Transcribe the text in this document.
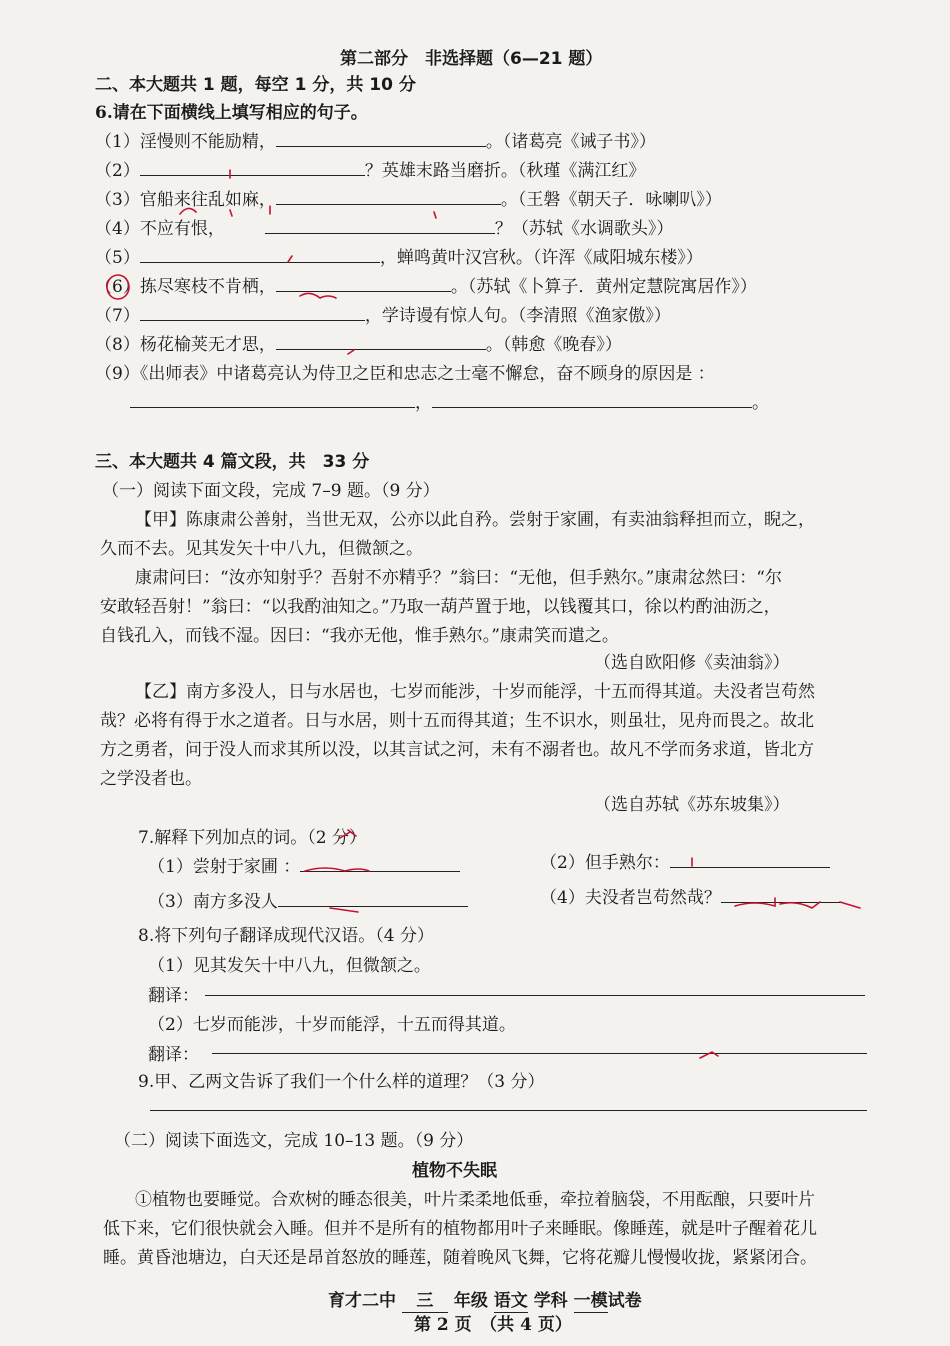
第二部分　非选择题（6—21 题）
二、本大题共 1 题，每空 1 分，共 10 分
6.请在下面横线上填写相应的句子。
（1）淫慢则不能励精，	。（诸葛亮《诫子书》）
（2）	？英雄末路当磨折。（秋瑾《满江红》
（3）官船来往乱如麻，	。（王磐《朝天子．咏喇叭》）
（4）不应有恨，	？（苏轼《水调歌头》）
（5）	，蝉鸣黄叶汉宫秋。（许浑《咸阳城东楼》）
（6）拣尽寒枝不肯栖，	。（苏轼《卜算子．黄州定慧院寓居作》）
（7）	，学诗谩有惊人句。（李清照《渔家傲》）
（8）杨花榆荚无才思，	。（韩愈《晚春》）
（9）《出师表》中诸葛亮认为侍卫之臣和忠志之士毫不懈怠，奋不顾身的原因是 ：
，	。
三、本大题共 4 篇文段，共　33 分
（一）阅读下面文段，完成 7–9 题。（9 分）
【甲】陈康肃公善射，当世无双，公亦以此自矜。尝射于家圃，有卖油翁释担而立，睨之，
久而不去。见其发矢十中八九，但微颔之。
康肃问曰：“汝亦知射乎？吾射不亦精乎？”翁曰：“无他，但手熟尔。”康肃忿然曰：“尔
安敢轻吾射！”翁曰：“以我酌油知之。”乃取一葫芦置于地，以钱覆其口，徐以杓酌油沥之，
自钱孔入，而钱不湿。因曰：“我亦无他，惟手熟尔。”康肃笑而遣之。
（选自欧阳修《卖油翁》）
【乙】南方多没人，日与水居也，七岁而能涉，十岁而能浮，十五而得其道。夫没者岂苟然
哉？必将有得于水之道者。日与水居，则十五而得其道；生不识水，则虽壮，见舟而畏之。故北
方之勇者，问于没人而求其所以没，以其言试之河，未有不溺者也。故凡不学而务求道，皆北方
之学没者也。
（选自苏轼《苏东坡集》）
7.解释下列加点的词。（2 分）
（1）尝射于家圃 ：	（2）但手熟尔：
（3）南方多没人	（4）夫没者岂苟然哉？
8.将下列句子翻译成现代汉语。（4 分）
（1）见其发矢十中八九，但微颔之。
翻译：
（2）七岁而能涉，十岁而能浮，十五而得其道。
翻译：
9.甲、乙两文告诉了我们一个什么样的道理？（3 分）
（二）阅读下面选文，完成 10–13 题。（9 分）
植物不失眠
①植物也要睡觉。合欢树的睡态很美，叶片柔柔地低垂，牵拉着脑袋，不用酝酿，只要叶片
低下来，它们很快就会入睡。但并不是所有的植物都用叶子来睡眠。像睡莲，就是叶子醒着花儿
睡。黄昏池塘边，白天还是昂首怒放的睡莲，随着晚风飞舞，它将花瓣儿慢慢收拢，紧紧闭合。
育才二中 三 年级 语文 学科 一模试卷
第 2 页　（共 4 页）
